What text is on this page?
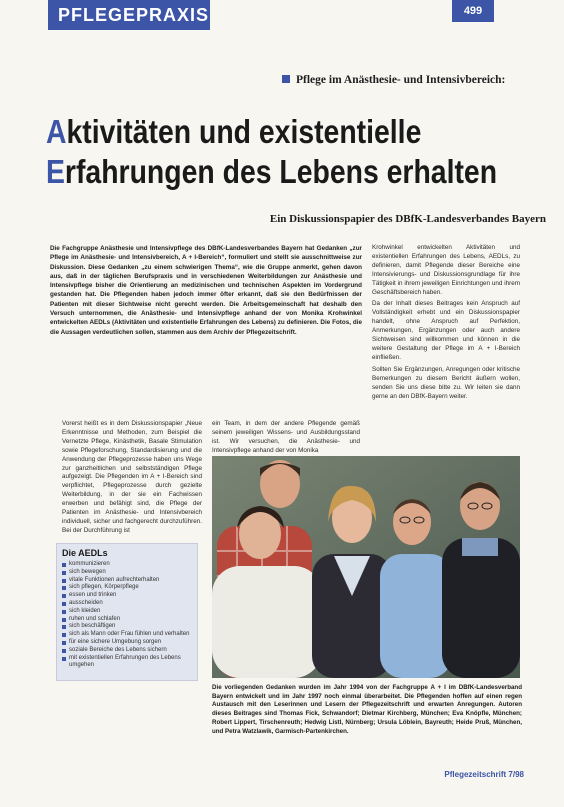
PFLEGEPRAXIS	499
Pflege im Anästhesie- und Intensivbereich:
Aktivitäten und existentielle
Erfahrungen des Lebens erhalten
Ein Diskussionspapier des DBfK-Landesverbandes Bayern
Die Fachgruppe Anästhesie und Intensivpflege des DBfK-Landesverbandes Bayern hat Gedanken „zur Pflege im Anästhesie- und Intensivbereich, A + I-Bereich“, formuliert und stellt sie ausschnittweise zur Diskussion. Diese Gedanken „zu einem schwierigen Thema“, wie die Gruppe anmerkt, gehen davon aus, daß in der täglichen Berufspraxis und in verschiedenen Weiterbildungen zur Anästhesie und Intensivpflege bisher die Orientierung an medizinischen und technischen Aspekten im Vordergrund gestanden hat. Die Pflegenden haben jedoch immer öfter erkannt, daß sie den Bedürfnissen der Patienten mit dieser Sichtweise nicht gerecht werden. Die Arbeitsgemeinschaft hat deshalb den Versuch unternommen, die Anästhesie- und Intensivpflege anhand der von Monika Krohwinkel entwickelten AEDLs (Aktivitäten und existentielle Erfahrungen des Lebens) zu definieren. Die Fotos, die die Aussagen verdeutlichen sollen, stammen aus dem Archiv der Pflegezeitschrift.

Krohwinkel entwickelten Aktivitäten und existentiellen Erfahrungen des Lebens, AEDLs, zu definieren, damit Pflegende dieser Bereiche eine Intensivierungs- und Diskussionsgrundlage für ihre Tätigkeit in ihrem jeweiligen Einrichtungen und ihrem Geschäftsbereich haben.

Da der Inhalt dieses Beitrages kein Anspruch auf Vollständigkeit erhebt und ein Diskussionspapier handelt, ohne Anspruch auf Perfektion, Anmerkungen, Ergänzungen oder auch andere Sichtweisen sind willkommen und können in die weitere Gestaltung der Pflege im A + I-Bereich einfließen.

Sollten Sie Ergänzungen, Anregungen oder kritische Bemerkungen zu diesem Bericht äußern wollen, senden Sie uns diese bitte zu. Wir leiten sie dann gerne an den DBfK-Bayern weiter.

Vorerst heißt es in dem Diskussionspapier „Neue Erkenntnisse und Methoden, zum Beispiel die Vernetzte Pflege, Kinästhetik, Basale Stimulation sowie Pflegeforschung, Standardisierung und die Anwendung der Pflegeprozesse haben uns Wege zur ganzheitlichen und selbstständigen Pflege aufgezeigt. Die Pflegenden im A + I-Bereich sind verpflichtet, Pflegeprozesse durch gezielte Weiterbildung, in der sie ein Fachwissen erwerben und befähigt sind, die Pflege der Patienten im Anästhesie- und Intensivbereich individuell, sicher und fachgerecht durchzuführen. Bei der Durchführung ist

ein Team, in dem der andere Pflegende gemäß seinem jeweiligen Wissens- und Ausbildungsstand ist. Wir versuchen, die Anästhesie- und Intensivpflege anhand der von Monika

Die AEDLs
kommunizieren
sich bewegen
vitale Funktionen aufrechterhalten
sich pflegen, Körperpflege
essen und trinken
ausscheiden
sich kleiden
ruhen und schlafen
sich beschäftigen
sich als Mann oder Frau fühlen und verhalten
für eine sichere Umgebung sorgen
soziale Bereiche des Lebens sichern
mit existentiellen Erfahrungen des Lebens umgehen
Die vorliegenden Gedanken wurden im Jahr 1994 von der Fachgruppe A + I im DBfK-Landesverband Bayern entwickelt und im Jahr 1997 noch einmal überarbeitet. Die Pflegenden hoffen auf einen regen Austausch mit den Leserinnen und Lesern der Pflegezeitschrift und erwarten Anregungen. Autoren dieses Beitrages sind Thomas Fick, Schwandorf; Dietmar Kirchberg, München; Eva Knöpfle, München; Robert Lippert, Tirschenreuth; Hedwig Listl, Nürnberg; Ursula Löblein, Bayreuth; Heide Pruß, München, und Petra Watzlawik, Garmisch-Partenkirchen.
Pflegezeitschrift 7/98
